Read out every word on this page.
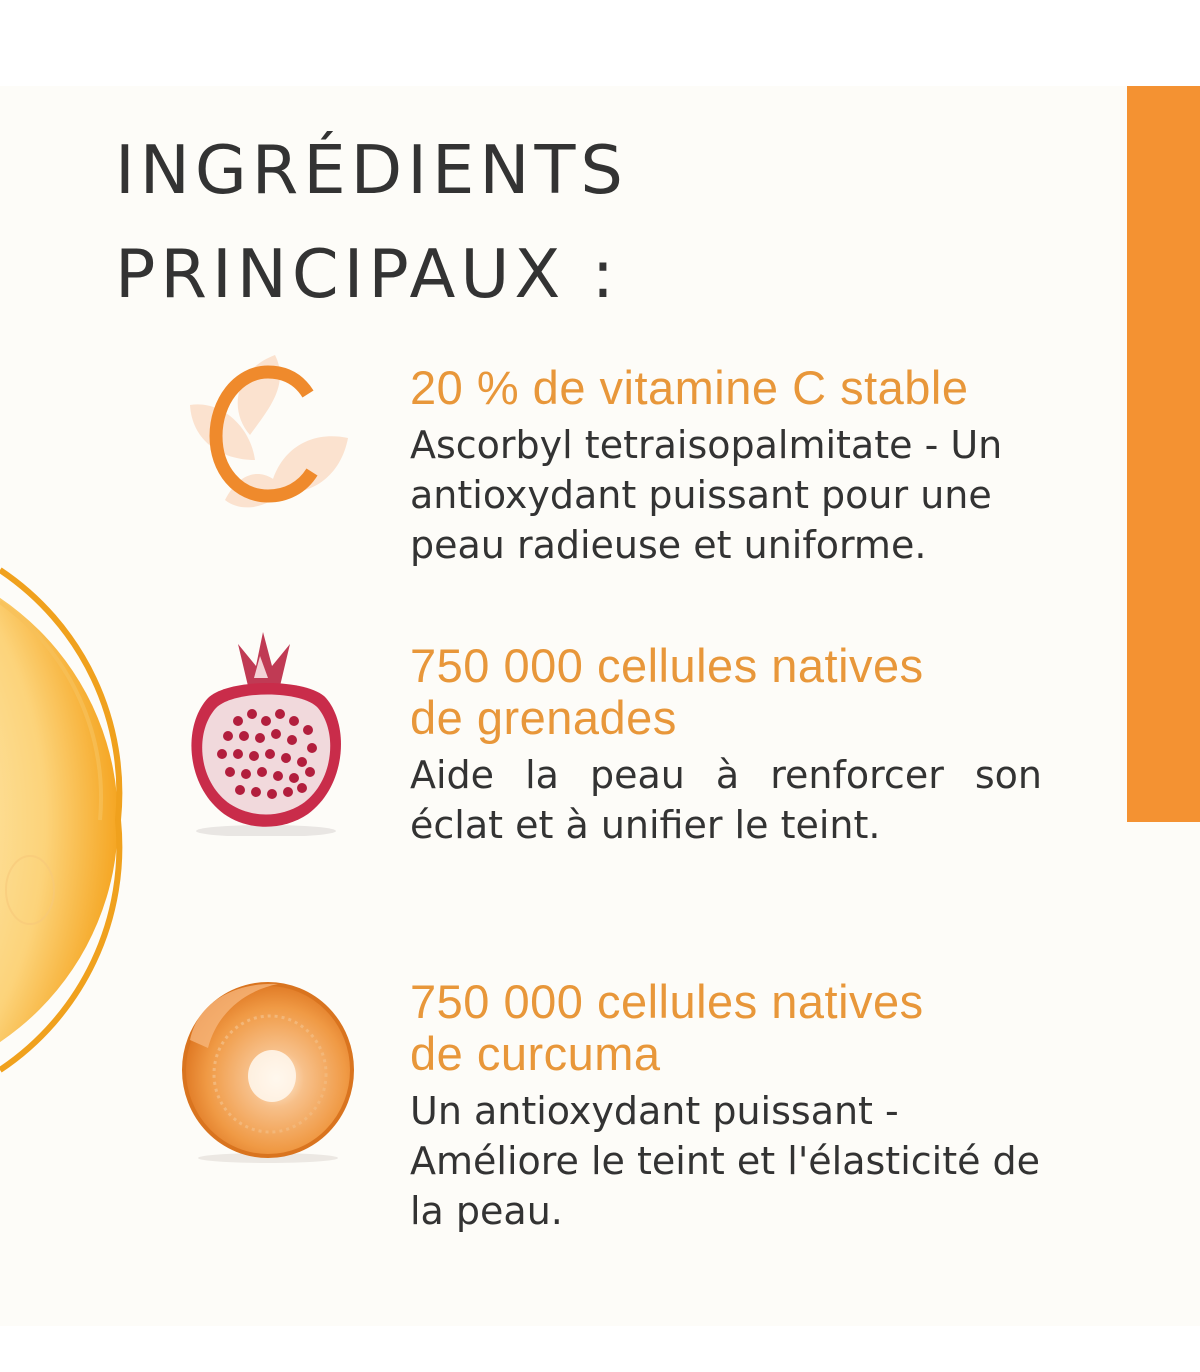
INGRÉDIENTS
PRINCIPAUX :
20 % de vitamine C stable

Ascorbyl tetraisopalmitate - Un antioxydant puissant pour une peau radieuse et uniforme.

750 000 cellules natives de grenades

Aide la peau à renforcer son éclat et à unifier le teint.

750 000 cellules natives de curcuma

Un antioxydant puissant - Améliore le teint et l'élasticité de la peau.
